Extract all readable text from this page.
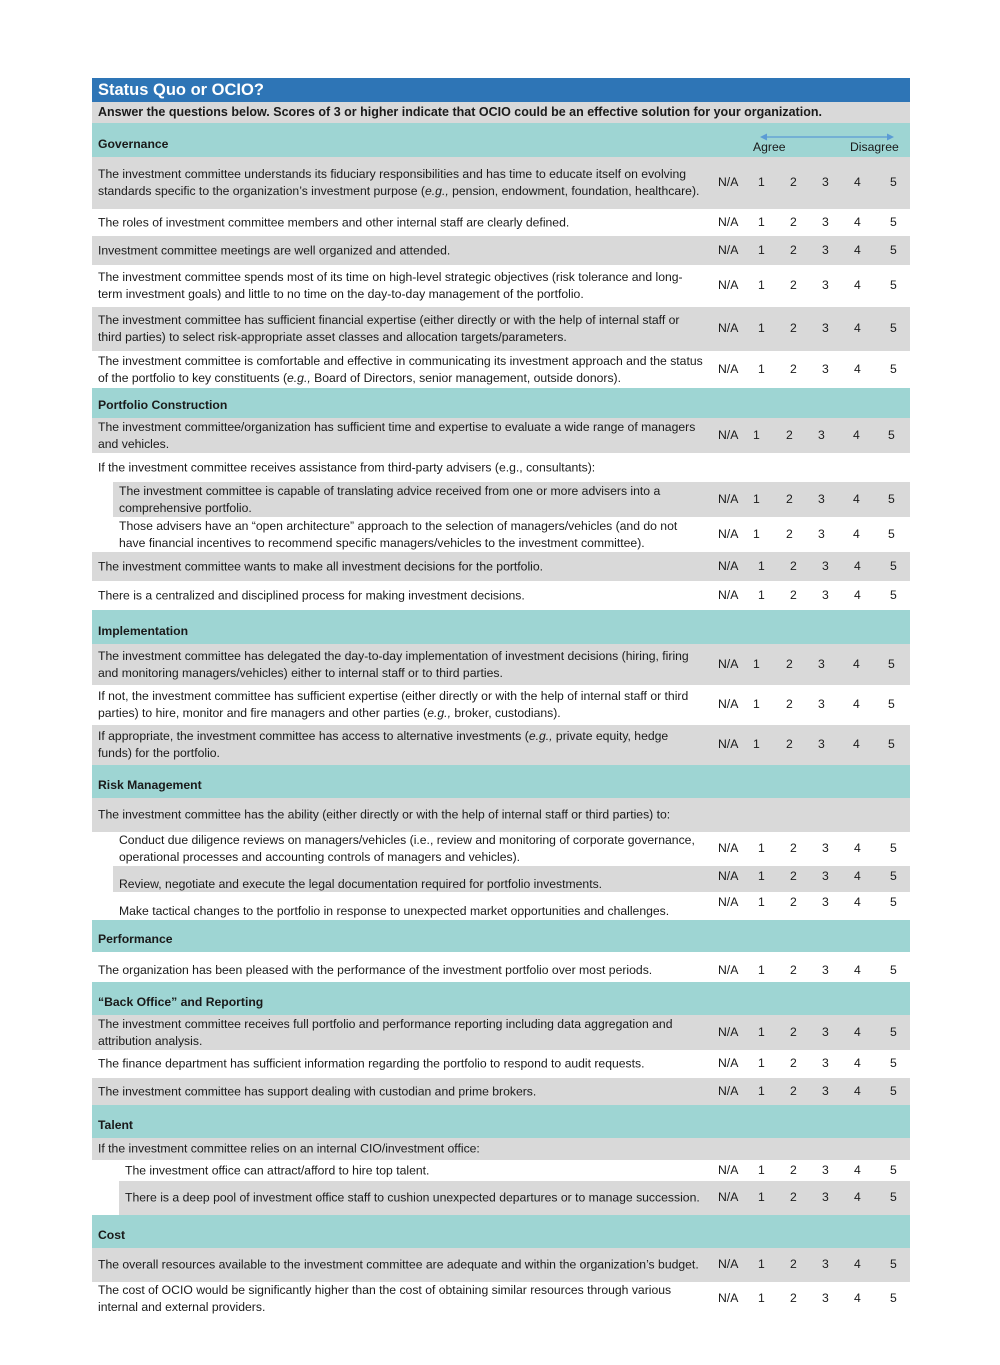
Status Quo or OCIO?
Answer the questions below. Scores of 3 or higher indicate that OCIO could be an effective solution for your organization.
Governance	Agree	Disagree
The investment committee understands its fiduciary responsibilities and has time to educate itself on evolving standards specific to the organization’s investment purpose (e.g., pension, endowment, foundation, healthcare).
N/A 1 2 3 4 5
The roles of investment committee members and other internal staff are clearly defined.	N/A 1 2 3 4 5
Investment committee meetings are well organized and attended.	N/A 1 2 3 4 5
The investment committee spends most of its time on high-level strategic objectives (risk tolerance and long-term investment goals) and little to no time on the day-to-day management of the portfolio.
N/A 1 2 3 4 5
The investment committee has sufficient financial expertise (either directly or with the help of internal staff or third parties) to select risk-appropriate asset classes and allocation targets/parameters.
N/A 1 2 3 4 5
The investment committee is comfortable and effective in communicating its investment approach and the status of the portfolio to key constituents (e.g., Board of Directors, senior management, outside donors).
N/A 1 2 3 4 5
Portfolio Construction
The investment committee/organization has sufficient time and expertise to evaluate a wide range of managers and vehicles.
N/A 1 2 3 4 5
If the investment committee receives assistance from third-party advisers (e.g., consultants):
The investment committee is capable of translating advice received from one or more advisers into a comprehensive portfolio.
N/A 1 2 3 4 5
Those advisers have an “open architecture” approach to the selection of managers/vehicles (and do not have financial incentives to recommend specific managers/vehicles to the investment committee).
N/A 1 2 3 4 5
The investment committee wants to make all investment decisions for the portfolio.	N/A 1 2 3 4 5
There is a centralized and disciplined process for making investment decisions.	N/A 1 2 3 4 5
Implementation
The investment committee has delegated the day-to-day implementation of investment decisions (hiring, firing and monitoring managers/vehicles) either to internal staff or to third parties.
N/A 1 2 3 4 5
If not, the investment committee has sufficient expertise (either directly or with the help of internal staff or third parties) to hire, monitor and fire managers and other parties (e.g., broker, custodians).
N/A 1 2 3 4 5
If appropriate, the investment committee has access to alternative investments (e.g., private equity, hedge funds) for the portfolio.
N/A 1 2 3 4 5
Risk Management
The investment committee has the ability (either directly or with the help of internal staff or third parties) to:
Conduct due diligence reviews on managers/vehicles (i.e., review and monitoring of corporate governance, operational processes and accounting controls of managers and vehicles).
N/A 1 2 3 4 5
Review, negotiate and execute the legal documentation required for portfolio investments.
N/A 1 2 3 4 5
Make tactical changes to the portfolio in response to unexpected market opportunities and challenges.
N/A 1 2 3 4 5
Performance
The organization has been pleased with the performance of the investment portfolio over most periods.	N/A 1 2 3 4 5
“Back Office” and Reporting
The investment committee receives full portfolio and performance reporting including data aggregation and attribution analysis.
N/A 1 2 3 4 5
The finance department has sufficient information regarding the portfolio to respond to audit requests.	N/A 1 2 3 4 5
The investment committee has support dealing with custodian and prime brokers.	N/A 1 2 3 4 5
Talent
If the investment committee relies on an internal CIO/investment office:
The investment office can attract/afford to hire top talent.	N/A 1 2 3 4 5
There is a deep pool of investment office staff to cushion unexpected departures or to manage succession.	N/A 1 2 3 4 5
Cost
The overall resources available to the investment committee are adequate and within the organization’s budget.	N/A 1 2 3 4 5
The cost of OCIO would be significantly higher than the cost of obtaining similar resources through various internal and external providers.
N/A 1 2 3 4 5
